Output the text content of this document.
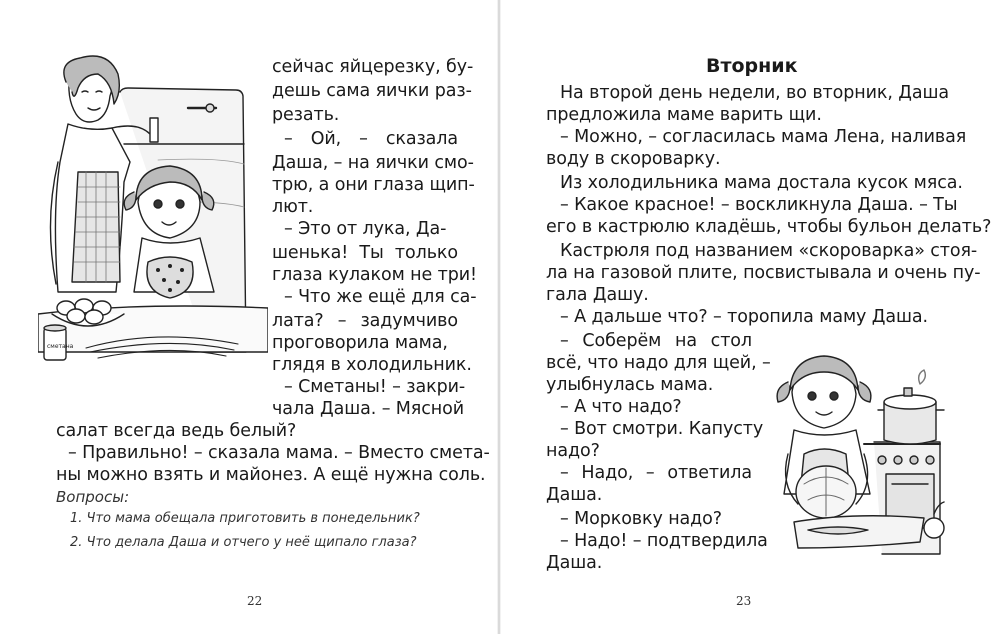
сметана
сейчас яйцерезку, бу-
дешь сама яички раз-
резать.
– Ой, – сказала
Даша, – на яички смо-
трю, а они глаза щип-
лют.
– Это от лука, Да-
шенька! Ты только
глаза кулаком не три!
– Что же ещё для са-
лата? – задумчиво
проговорила мама,
глядя в холодильник.
– Сметаны! – закри-
чала Даша. – Мясной
салат всегда ведь белый?
– Правильно! – сказала мама. – Вместо смета-
ны можно взять и майонез. А ещё нужна соль.
Вопросы:
1. Что мама обещала приготовить в понедельник?
2. Что делала Даша и отчего у неё щипало глаза?
22
Вторник
На второй день недели, во вторник, Даша
предложила маме варить щи.
– Можно, – согласилась мама Лена, наливая
воду в скороварку.
Из холодильника мама достала кусок мяса.
– Какое красное! – воскликнула Даша. – Ты
его в кастрюлю кладёшь, чтобы бульон делать?
Кастрюля под названием «скороварка» стоя-
ла на газовой плите, посвистывала и очень пу-
гала Дашу.
– А дальше что? – торопила маму Даша.
– Соберём на стол
всё, что надо для щей, –
улыбнулась мама.
– А что надо?
– Вот смотри. Капусту
надо?
– Надо, – ответила
Даша.
– Морковку надо?
– Надо! – подтвердила
Даша.
23
